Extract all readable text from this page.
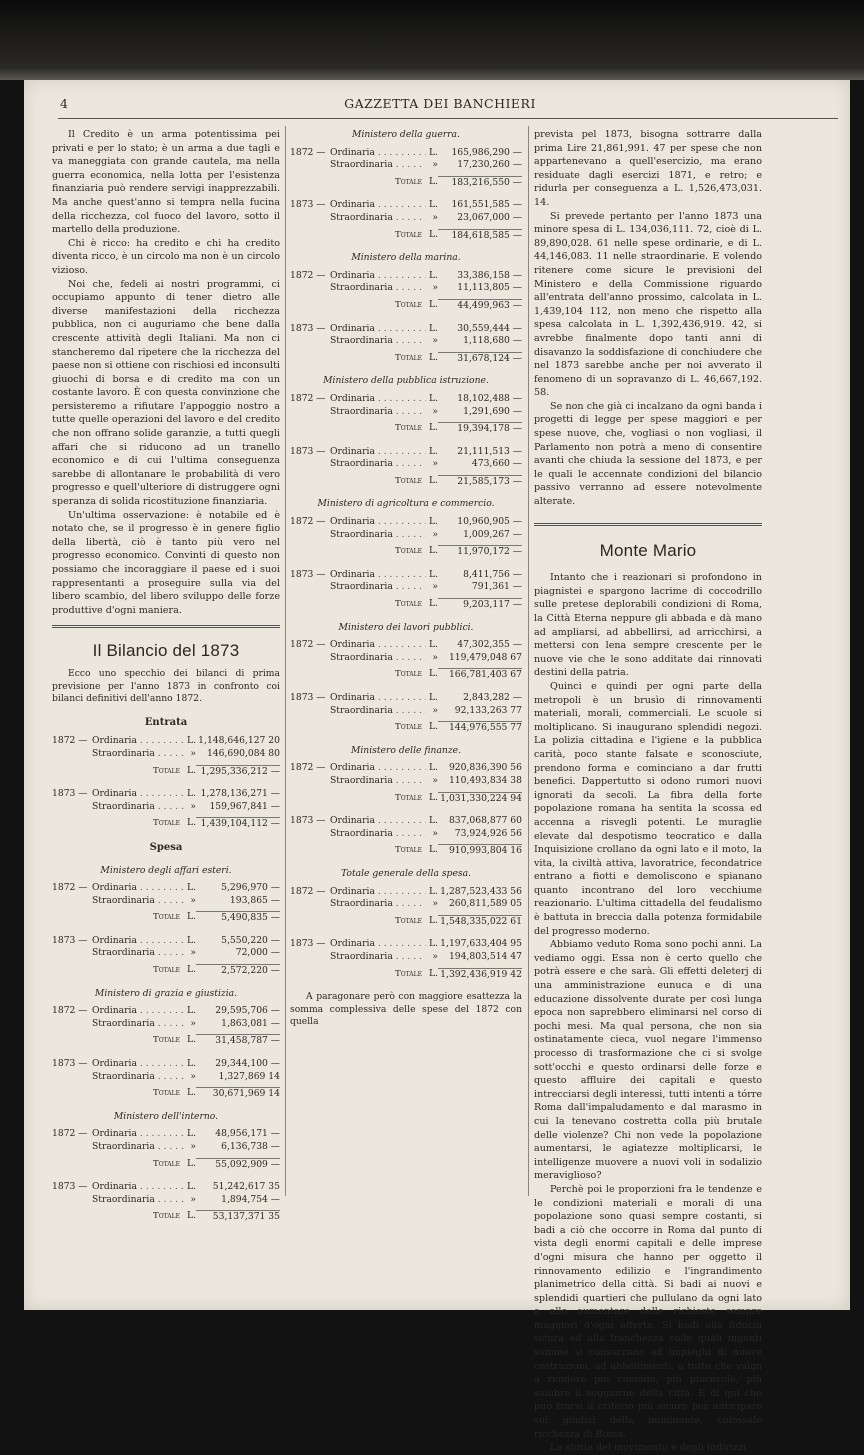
4	GAZZETTA DEI BANCHIERI

Il Credito è un arma potentissima pei privati e per lo stato; è un arma a due tagli e va maneggiata con grande cautela, ma nella guerra economica, nella lotta per l'esistenza finanziaria può rendere servigi inapprezzabili. Ma anche quest'anno si tempra nella fucina della ricchezza, col fuoco del lavoro, sotto il martello della produzione.

Chi è ricco: ha credito e chi ha credito diventa ricco, è un circolo ma non è un circolo vizioso.

Noi che, fedeli ai nostri programmi, ci occupiamo appunto di tener dietro alle diverse manifestazioni della ricchezza pubblica, non ci auguriamo che bene dalla crescente attività degli Italiani. Ma non ci stancheremo dal ripetere che la ricchezza del paese non si ottiene con rischiosi ed inconsulti giuochi di borsa e di credito ma con un costante lavoro. È con questa convinzione che persisteremo a rifiutare l'appoggio nostro a tutte quelle operazioni del lavoro e del credito che non offrano solide garanzie, a tutti quegli affari che si riducono ad un tranello economico e di cui l'ultima conseguenza sarebbe di allontanare le probabilità di vero progresso e quell'ulteriore di distruggere ogni speranza di solida ricostituzione finanziaria.

Un'ultima osservazione: è notabile ed è notato che, se il progresso è in genere figlio della libertà, ciò è tanto più vero nel progresso economico. Convinti di questo non possiamo che incoraggiare il paese ed i suoi rappresentanti a proseguire sulla via del libero scambio, del libero sviluppo delle forze produttive d'ogni maniera.

Il Bilancio del 1873
Ecco uno specchio dei bilanci di prima previsione per l'anno 1873 in confronto coi bilanci definitivi dell'anno 1872.
Entrata
1872 — Ordinaria . . .	L. 1,148,646,127 20
Straordinaria . . .	»	146,690,084 80
Totale L. 1,295,336,212 —
1873 — Ordinaria . . .	L. 1,278,136,271 —
Straordinaria . . .	»	159,967,841 —
Totale L. 1,439,104,112 —
Spesa
Ministero degli affari esteri.
1872 — Ordinaria . . .	L.	5,296,970 —
Straordinaria . . .	»	193,865 —
Totale L.	5,490,835 —
1873 — Ordinaria . . .	L.	5,550,220 —
Straordinaria . . .	»	72,000 —
Totale L.	2,572,220 —
Ministero di grazia e giustizia.
1872 — Ordinaria . . .	L.	29,595,706 —
Straordinaria . . .	»	1,863,081 —
Totale L.	31,458,787 —
1873 — Ordinaria . . .	L.	29,344,100 —
Straordinaria . . .	»	1,327,869 14
Totale L.	30,671,969 14
Ministero dell'interno.
1872 — Ordinaria . . .	L.	48,956,171 —
Straordinaria . . .	»	6,136,738 —
Totale L.	55,092,909 —
1873 — Ordinaria . . .	L.	51,242,617 35
Straordinaria . . .	»	1,894,754 —
Totale L.	53,137,371 35
Ministero della guerra.
1872 — Ordinaria . . .	L.	165,986,290 —
Straordinaria . . .	»	17,230,260 —
Totale L.	183,216,550 —
1873 — Ordinaria . . .	L.	161,551,585 —
Straordinaria . . .	»	23,067,000 —
Totale L.	184,618,585 —
Ministero della marina.
1872 — Ordinaria . . .	L.	33,386,158 —
Straordinaria . . .	»	11,113,805 —
Totale L.	44,499,963 —
1873 — Ordinaria . . .	L.	30,559,444 —
Straordinaria . . .	»	1,118,680 —
Totale L.	31,678,124 —
Ministero della pubblica istruzione.
1872 — Ordinaria . . .	L.	18,102,488 —
Straordinaria . . .	»	1,291,690 —
Totale L.	19,394,178 —
1873 — Ordinaria . . .	L.	21,111,513 —
Straordinaria . . .	»	473,660 —
Totale L.	21,585,173 —
Ministero di agricoltura e commercio.
1872 — Ordinaria . . .	L.	10,960,905 —
Straordinaria . . .	»	1,009,267 —
Totale L.	11,970,172 —
1873 — Ordinaria . . .	L.	8,411,756 —
Straordinaria . . .	»	791,361 —
Totale L.	9,203,117 —
Ministero dei lavori pubblici.
1872 — Ordinaria . . .	L.	47,302,355 —
Straordinaria . . .	»	119,479,048 67
Totale L.	166,781,403 67
1873 — Ordinaria . . .	L.	2,843,282 —
Straordinaria . . .	»	92,133,263 77
Totale L.	144,976,555 77
Ministero delle finanze.
1872 — Ordinaria . . .	L.	920,836,390 56
Straordinaria . . .	»	110,493,834 38
Totale L. 1,031,330,224 94
1873 — Ordinaria . . .	L.	837,068,877 60
Straordinaria . . .	»	73,924,926 56
Totale L.	910,993,804 16
Totale generale della spesa.
1872 — Ordinaria . . .	L. 1,287,523,433 56
Straordinaria . . .	»	260,811,589 05
Totale L. 1,548,335,022 61
1873 — Ordinaria . . .	L. 1,197,633,404 95
Straordinaria . . .	»	194,803,514 47
Totale L. 1,392,436,919 42

A paragonare però con maggiore esattezza la somma complessiva delle spese del 1872 con quella

prevista pel 1873, bisogna sottrarre dalla prima Lire 21,861,991. 47 per spese che non appartenevano a quell'esercizio, ma erano residuate dagli esercizi 1871, e retro; e ridurla per conseguenza a L. 1,526,473,031. 14.

Si prevede pertanto per l'anno 1873 una minore spesa di L. 134,036,111. 72, cioè di L. 89,890,028. 61 nelle spese ordinarie, e di L. 44,146,083. 11 nelle straordinarie. E volendo ritenere come sicure le previsioni del Ministero e della Commissione riguardo all'entrata dell'anno prossimo, calcolata in L. 1,439,104 112, non meno che rispetto alla spesa calcolata in L. 1,392,436,919. 42, si avrebbe finalmente dopo tanti anni di disavanzo la soddisfazione di conchiudere che nel 1873 sarebbe anche per noi avverato il fenomeno di un sopravanzo di L. 46,667,192. 58.

Se non che già ci incalzano da ogni banda i progetti di legge per spese maggiori e per spese nuove, che, vogliasi o non vogliasi, il Parlamento non potrà a meno di consentire avanti che chiuda la sessione del 1873, e per le quali le accennate condizioni del bilancio passivo verranno ad essere notevolmente alterate.

Monte Mario

Intanto che i reazionari si profondono in piagnistei e spargono lacrime di coccodrillo sulle pretese deplorabili condizioni di Roma, la Città Eterna neppure gli abbada e dà mano ad ampliarsi, ad abbellirsi, ad arricchirsi, a mettersi con lena sempre crescente per le nuove vie che le sono additate dai rinnovati destini della patria.

Quinci e quindi per ogni parte della metropoli è un brusìo di rinnovamenti materiali, morali, commerciali. Le scuole si moltiplicano. Si inaugurano splendidi negozi. La polizia cittadina e l'igiene e la pubblica carità, poco stante falsate e sconosciute, prendono forma e cominciano a dar frutti benefici. Dappertutto si odono rumori nuovi ignorati da secoli. La fibra della forte popolazione romana ha sentita la scossa ed accenna a risvegli potenti. Le muraglie elevate dal despotismo teocratico e dalla Inquisizione crollano da ogni lato e il moto, la vita, la civiltà attiva, lavoratrice, fecondatrice entrano a fiotti e demoliscono e spianano quanto incontrano del loro vecchiume reazionario. L'ultima cittadella del feudalismo è battuta in breccia dalla potenza formidabile del progresso moderno.

Abbiamo veduto Roma sono pochi anni. La vediamo oggi. Essa non è certo quello che potrà essere e che sarà. Gli effetti deleterj di una amministrazione eunuca e di una educazione dissolvente durate per così lunga epoca non saprebbero eliminarsi nel corso di pochi mesi. Ma qual persona, che non sia ostinatamente cieca, vuol negare l'immenso processo di trasformazione che ci si svolge sott'occhi e questo ordinarsi delle forze e questo affluire dei capitali e questo intrecciarsi degli interessi, tutti intenti a tórre Roma dall'impaludamento e dal marasmo in cui la tenevano costretta colla più brutale delle violenze? Chi non vede la popolazione aumentarsi, le agiatezze moltiplicarsi, le intelligenze muovere a nuovi voli in sodalizio meraviglioso?

Perchè poi le proporzioni fra le tendenze e le condizioni materiali e morali di una popolazione sono quasi sempre costanti, si badi a ciò che occorre in Roma dal punto di vista degli enormi capitali e delle imprese d'ogni misura che hanno per oggetto il rinnovamento edilizio e l'ingrandimento planimetrico della città. Si badi ai nuovi e splendidi quartieri che pullulano da ogni lato e allo aumentare delle richieste sempre maggiori d'ogni offerta. Si badi alla fiducia sicura ed alla franchezza colle quali ingenti somme si consacrano ad impieghi di nuove costruzioni, ad abbellimenti, a tutto che valga a rendere più comodo, più piacevole, più salubre il soggiorno della città. E di qui che può trarsi il criterio più sicuro per anticipare sui giudizi della imminente, colossale ricchezza di Roma.

La storia del movimento e degli indirizzi
